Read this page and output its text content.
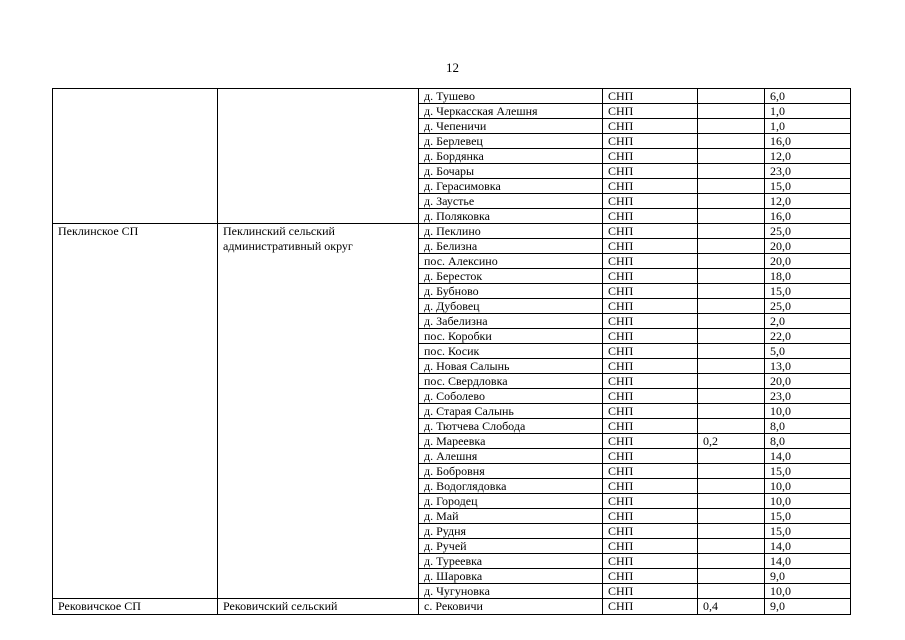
12
		д. Тушево	СНП		6,0
		д. Черкасская Алешня	СНП		1,0
		д. Чепеничи	СНП		1,0
		д. Берлевец	СНП		16,0
		д. Бордянка	СНП		12,0
		д. Бочары	СНП		23,0
		д. Герасимовка	СНП		15,0
		д. Заустье	СНП		12,0
		д. Поляковка	СНП		16,0
Пеклинское СП	Пеклинский сельский административный округ	д. Пеклино	СНП		25,0
		д. Белизна	СНП		20,0
		пос. Алексино	СНП		20,0
		д. Бересток	СНП		18,0
		д. Бубново	СНП		15,0
		д. Дубовец	СНП		25,0
		д. Забелизна	СНП		2,0
		пос. Коробки	СНП		22,0
		пос. Косик	СНП		5,0
		д. Новая Салынь	СНП		13,0
		пос. Свердловка	СНП		20,0
		д. Соболево	СНП		23,0
		д. Старая Салынь	СНП		10,0
		д. Тютчева Слобода	СНП		8,0
		д. Мареевка	СНП	0,2	8,0
		д. Алешня	СНП		14,0
		д. Бобровня	СНП		15,0
		д. Водоглядовка	СНП		10,0
		д. Городец	СНП		10,0
		д. Май	СНП		15,0
		д. Рудня	СНП		15,0
		д. Ручей	СНП		14,0
		д. Туреевка	СНП		14,0
		д. Шаровка	СНП		9,0
		д. Чугуновка	СНП		10,0
Рековичское СП	Рековичский сельский	с. Рековичи	СНП	0,4	9,0
